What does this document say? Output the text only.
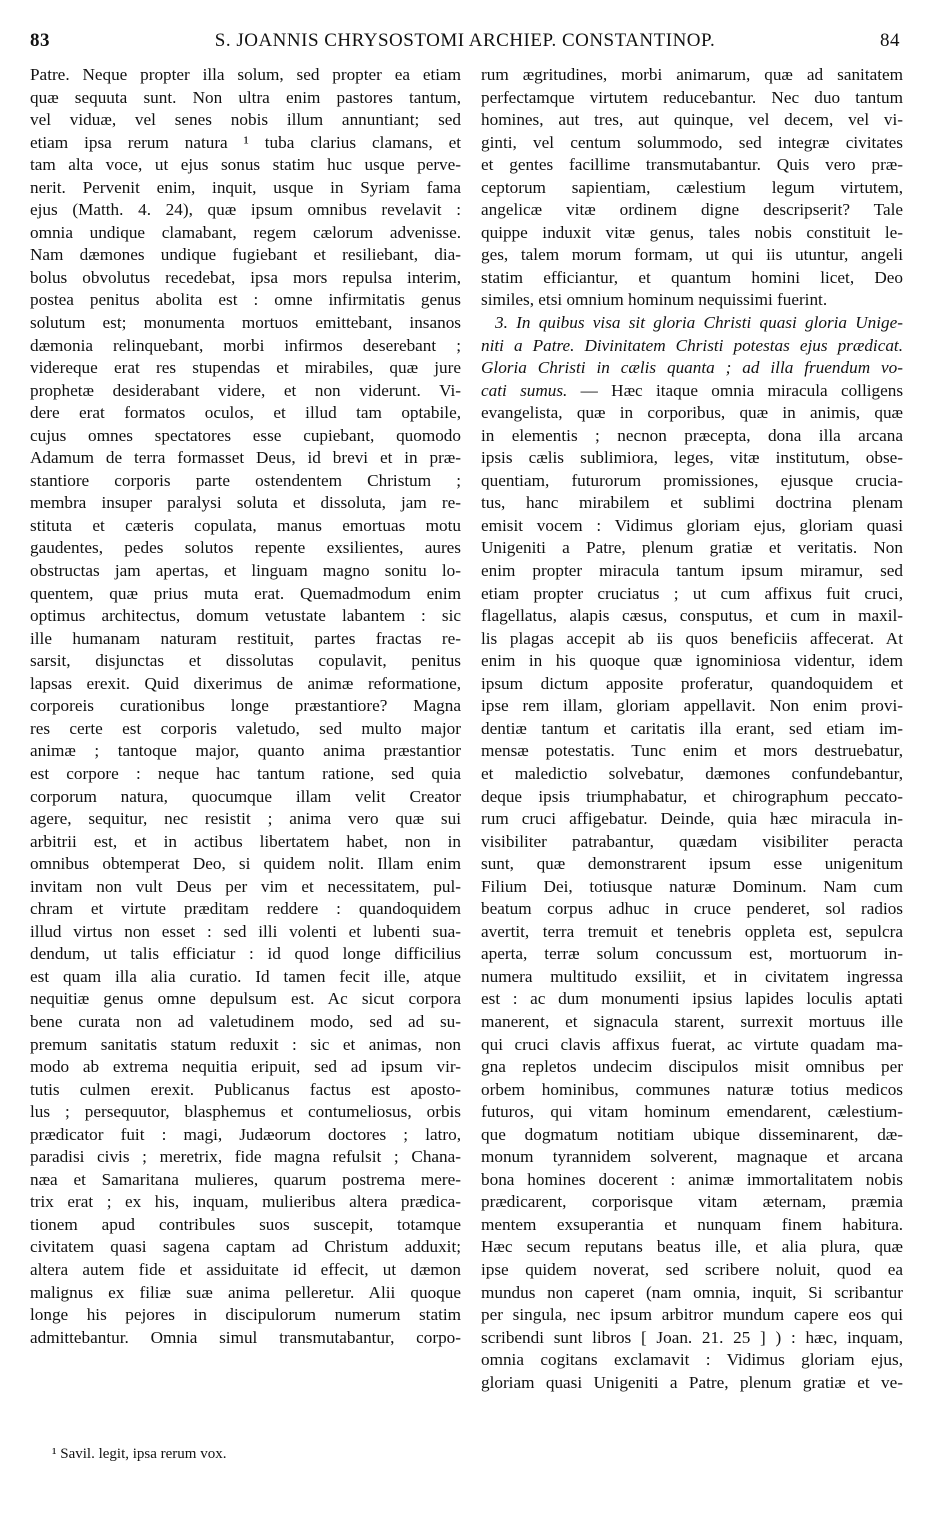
83	S. JOANNIS CHRYSOSTOMI ARCHIEP. CONSTANTINOP.	84
Patre. Neque propter illa solum, sed propter ea etiam
quæ sequuta sunt. Non ultra enim pastores tantum,
vel viduæ, vel senes nobis illum annuntiant; sed
etiam ipsa rerum natura ¹ tuba clarius clamans, et
tam alta voce, ut ejus sonus statim huc usque perve-
nerit. Pervenit enim, inquit, usque in Syriam fama
ejus (Matth. 4. 24), quæ ipsum omnibus revelavit :
omnia undique clamabant, regem cælorum advenisse.
Nam dæmones undique fugiebant et resiliebant, dia-
bolus obvolutus recedebat, ipsa mors repulsa interim,
postea penitus abolita est : omne infirmitatis genus
solutum est; monumenta mortuos emittebant, insanos
dæmonia relinquebant, morbi infirmos deserebant ;
videreque erat res stupendas et mirabiles, quæ jure
prophetæ desiderabant videre, et non viderunt. Vi-
dere erat formatos oculos, et illud tam optabile,
cujus omnes spectatores esse cupiebant, quomodo
Adamum de terra formasset Deus, id brevi et in præ-
stantiore corporis parte ostendentem Christum ;
membra insuper paralysi soluta et dissoluta, jam re-
stituta et cæteris copulata, manus emortuas motu
gaudentes, pedes solutos repente exsilientes, aures
obstructas jam apertas, et linguam magno sonitu lo-
quentem, quæ prius muta erat. Quemadmodum enim
optimus architectus, domum vetustate labantem : sic
ille humanam naturam restituit, partes fractas re-
sarsit, disjunctas et dissolutas copulavit, penitus
lapsas erexit. Quid dixerimus de animæ reformatione,
corporeis curationibus longe præstantiore? Magna
res certe est corporis valetudo, sed multo major
animæ ; tantoque major, quanto anima præstantior
est corpore : neque hac tantum ratione, sed quia
corporum natura, quocumque illam velit Creator
agere, sequitur, nec resistit ; anima vero quæ sui
arbitrii est, et in actibus libertatem habet, non in
omnibus obtemperat Deo, si quidem nolit. Illam enim
invitam non vult Deus per vim et necessitatem, pul-
chram et virtute præditam reddere : quandoquidem
illud virtus non esset : sed illi volenti et lubenti sua-
dendum, ut talis efficiatur : id quod longe difficilius
est quam illa alia curatio. Id tamen fecit ille, atque
nequitiæ genus omne depulsum est. Ac sicut corpora
bene curata non ad valetudinem modo, sed ad su-
premum sanitatis statum reduxit : sic et animas, non
modo ab extrema nequitia eripuit, sed ad ipsum vir-
tutis culmen erexit. Publicanus factus est aposto-
lus ; persequutor, blasphemus et contumeliosus, orbis
prædicator fuit : magi, Judæorum doctores ; latro,
paradisi civis ; meretrix, fide magna refulsit ; Chana-
næa et Samaritana mulieres, quarum postrema mere-
trix erat ; ex his, inquam, mulieribus altera prædica-
tionem apud contribules suos suscepit, totamque
civitatem quasi sagena captam ad Christum adduxit;
altera autem fide et assiduitate id effecit, ut dæmon
malignus ex filiæ suæ anima pelleretur. Alii quoque
longe his pejores in discipulorum numerum statim
admittebantur. Omnia simul transmutabantur, corpo-
rum ægritudines, morbi animarum, quæ ad sanitatem
perfectamque virtutem reducebantur. Nec duo tantum
homines, aut tres, aut quinque, vel decem, vel vi-
ginti, vel centum solummodo, sed integræ civitates
et gentes facillime transmutabantur. Quis vero præ-
ceptorum sapientiam, cælestium legum virtutem,
angelicæ vitæ ordinem digne descripserit? Tale
quippe induxit vitæ genus, tales nobis constituit le-
ges, talem morum formam, ut qui iis utuntur, angeli
statim efficiantur, et quantum homini licet, Deo
similes, etsi omnium hominum nequissimi fuerint.
3. In quibus visa sit gloria Christi quasi gloria Unige-
niti a Patre. Divinitatem Christi potestas ejus prædicat.
Gloria Christi in cælis quanta ; ad illa fruendum vo-
cati sumus. — Hæc itaque omnia miracula colligens
evangelista, quæ in corporibus, quæ in animis, quæ
in elementis ; necnon præcepta, dona illa arcana
ipsis cælis sublimiora, leges, vitæ institutum, obse-
quentiam, futurorum promissiones, ejusque crucia-
tus, hanc mirabilem et sublimi doctrina plenam
emisit vocem : Vidimus gloriam ejus, gloriam quasi
Unigeniti a Patre, plenum gratiæ et veritatis. Non
enim propter miracula tantum ipsum miramur, sed
etiam propter cruciatus ; ut cum affixus fuit cruci,
flagellatus, alapis cæsus, consputus, et cum in maxil-
lis plagas accepit ab iis quos beneficiis affecerat. At
enim in his quoque quæ ignominiosa videntur, idem
ipsum dictum apposite proferatur, quandoquidem et
ipse rem illam, gloriam appellavit. Non enim provi-
dentiæ tantum et caritatis illa erant, sed etiam im-
mensæ potestatis. Tunc enim et mors destruebatur,
et maledictio solvebatur, dæmones confundebantur,
deque ipsis triumphabatur, et chirographum peccato-
rum cruci affigebatur. Deinde, quia hæc miracula in-
visibiliter patrabantur, quædam visibiliter peracta
sunt, quæ demonstrarent ipsum esse unigenitum
Filium Dei, totiusque naturæ Dominum. Nam cum
beatum corpus adhuc in cruce penderet, sol radios
avertit, terra tremuit et tenebris oppleta est, sepulcra
aperta, terræ solum concussum est, mortuorum in-
numera multitudo exsiliit, et in civitatem ingressa
est : ac dum monumenti ipsius lapides loculis aptati
manerent, et signacula starent, surrexit mortuus ille
qui cruci clavis affixus fuerat, ac virtute quadam ma-
gna repletos undecim discipulos misit omnibus per
orbem hominibus, communes naturæ totius medicos
futuros, qui vitam hominum emendarent, cælestium-
que dogmatum notitiam ubique disseminarent, dæ-
monum tyrannidem solverent, magnaque et arcana
bona homines docerent : animæ immortalitatem nobis
prædicarent, corporisque vitam æternam, præmia
mentem exsuperantia et nunquam finem habitura.
Hæc secum reputans beatus ille, et alia plura, quæ
ipse quidem noverat, sed scribere noluit, quod ea
mundus non caperet (nam omnia, inquit, Si scribantur
per singula, nec ipsum arbitror mundum capere eos qui
scribendi sunt libros [ Joan. 21. 25 ] ) : hæc, inquam,
omnia cogitans exclamavit : Vidimus gloriam ejus,
gloriam quasi Unigeniti a Patre, plenum gratiæ et ve-
¹ Savil. legit, ipsa rerum vox.
